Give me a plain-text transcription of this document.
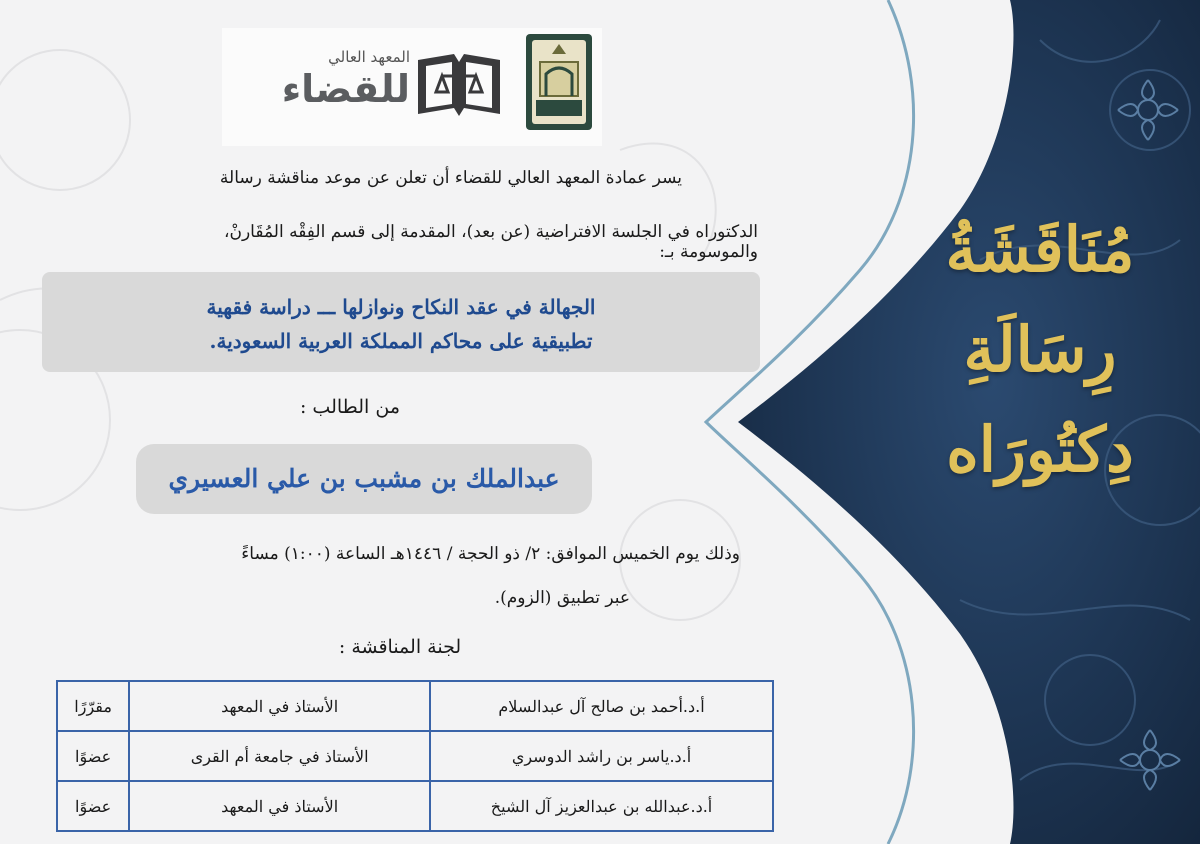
المعهد العالي
للقضاء
يسر عمادة المعهد العالي للقضاء أن تعلن عن موعد مناقشة رسالة
الدكتوراه في الجلسة الافتراضية (عن بعد)، المقدمة إلى قسم الفِقْه المُقَارنْ، والموسومة بـ:
الجهالة في عقد النكاح ونوازلها ـــ دراسة فقهية
تطبيقية على محاكم المملكة العربية السعودية.
من الطالب :
عبدالملك بن مشبب بن علي العسيري
وذلك يوم الخميس الموافق: ٢/ ذو الحجة / ١٤٤٦هـ الساعة (١:٠٠) مساءً
عبر تطبيق (الزوم).
لجنة المناقشة :
أ.د.أحمد بن صالح آل عبدالسلام	الأستاذ في المعهد	مقرّرًا
أ.د.ياسر بن راشد الدوسري	الأستاذ في جامعة أم القرى	عضوًا
أ.د.عبدالله بن عبدالعزيز آل الشيخ	الأستاذ في المعهد	عضوًا
مُنَاقَشَةُ
رِسَالَةِ
دِكتُورَاه
